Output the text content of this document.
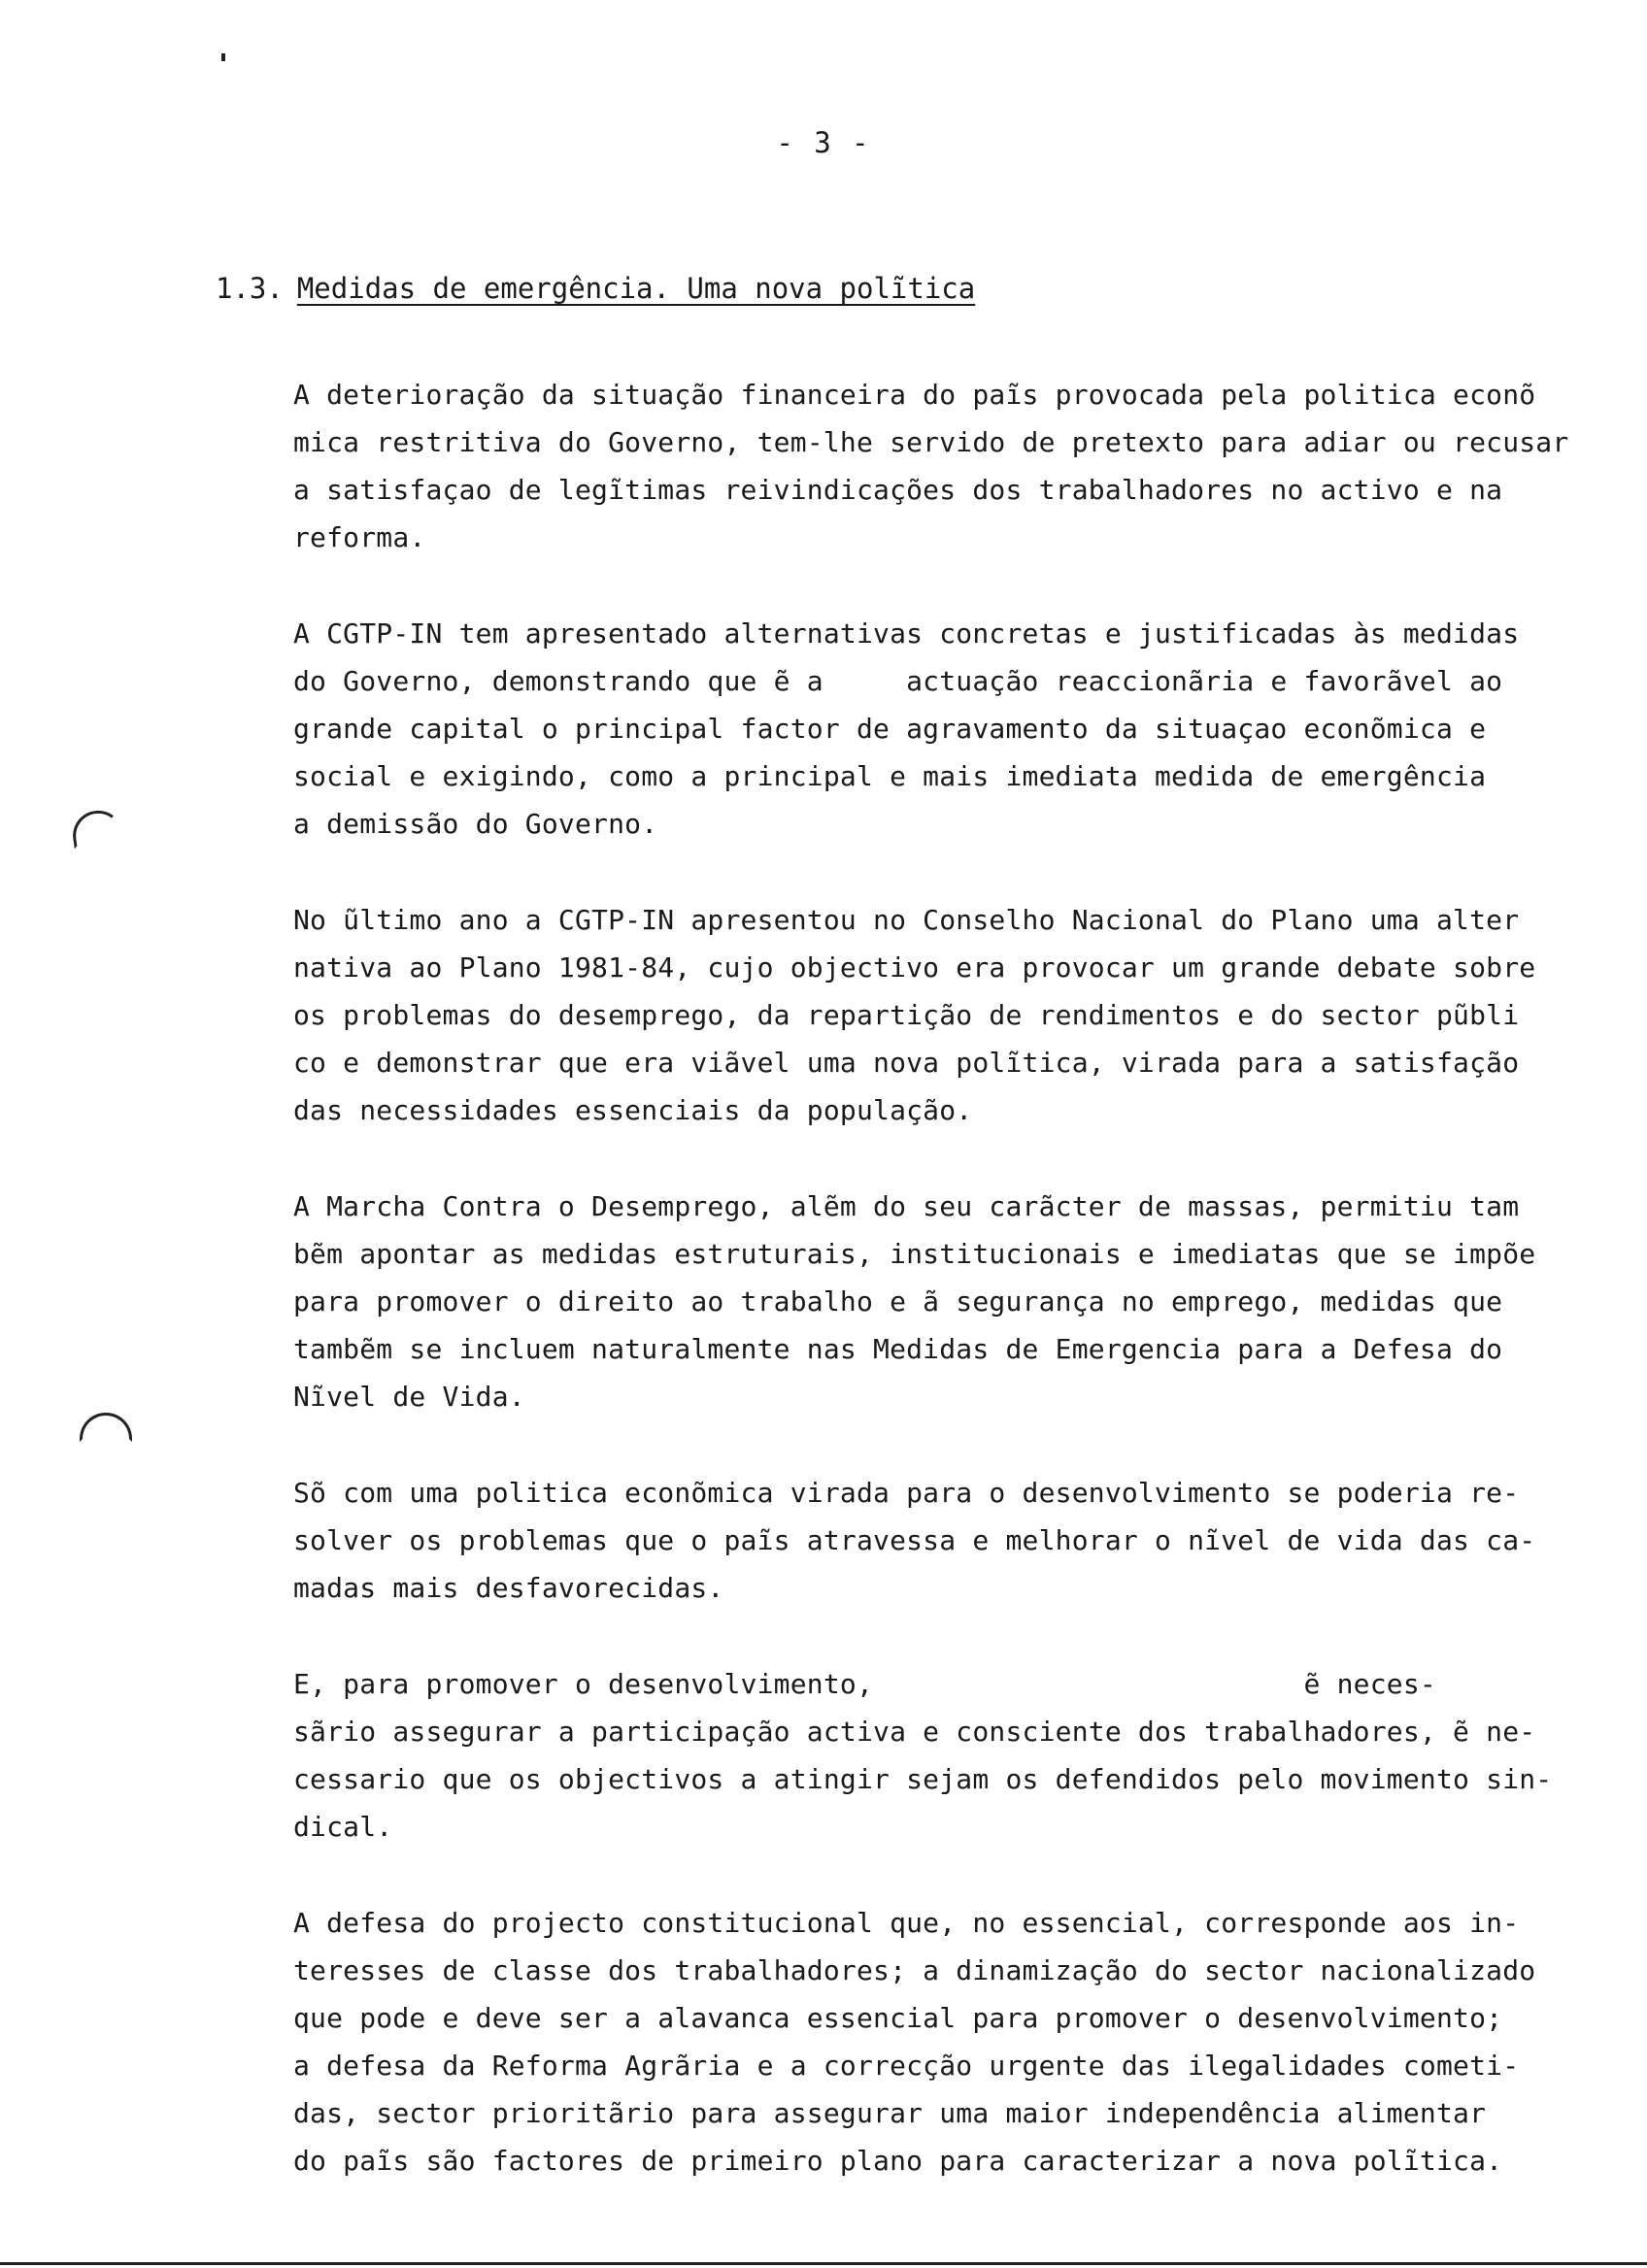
- 3 -
1.3. Medidas de emergência. Uma nova polĩtica
A deterioração da situação financeira do paĩs provocada pela politica econõ
mica restritiva do Governo, tem-lhe servido de pretexto para adiar ou recusar
a satisfaçao de legĩtimas reivindicações dos trabalhadores no activo e na
reforma.
A CGTP-IN tem apresentado alternativas concretas e justificadas às medidas
do Governo, demonstrando que ẽ a     actuação reaccionãria e favorãvel ao
grande capital o principal factor de agravamento da situaçao econõmica e
social e exigindo, como a principal e mais imediata medida de emergência
a demissão do Governo.
No ũltimo ano a CGTP-IN apresentou no Conselho Nacional do Plano uma alter
nativa ao Plano 1981-84, cujo objectivo era provocar um grande debate sobre
os problemas do desemprego, da repartição de rendimentos e do sector pũbli
co e demonstrar que era viãvel uma nova polĩtica, virada para a satisfação
das necessidades essenciais da população.
A Marcha Contra o Desemprego, alẽm do seu carãcter de massas, permitiu tam
bẽm apontar as medidas estruturais, institucionais e imediatas que se impõe
para promover o direito ao trabalho e ã segurança no emprego, medidas que
tambẽm se incluem naturalmente nas Medidas de Emergencia para a Defesa do
Nĩvel de Vida.
Sõ com uma politica econõmica virada para o desenvolvimento se poderia re-
solver os problemas que o paĩs atravessa e melhorar o nĩvel de vida das ca-
madas mais desfavorecidas.
E, para promover o desenvolvimento,                          ẽ neces-
sãrio assegurar a participação activa e consciente dos trabalhadores, ẽ ne-
cessario que os objectivos a atingir sejam os defendidos pelo movimento sin-
dical.
A defesa do projecto constitucional que, no essencial, corresponde aos in-
teresses de classe dos trabalhadores; a dinamização do sector nacionalizado
que pode e deve ser a alavanca essencial para promover o desenvolvimento;
a defesa da Reforma Agrãria e a correcção urgente das ilegalidades cometi-
das, sector prioritãrio para assegurar uma maior independência alimentar
do paĩs são factores de primeiro plano para caracterizar a nova polĩtica.
